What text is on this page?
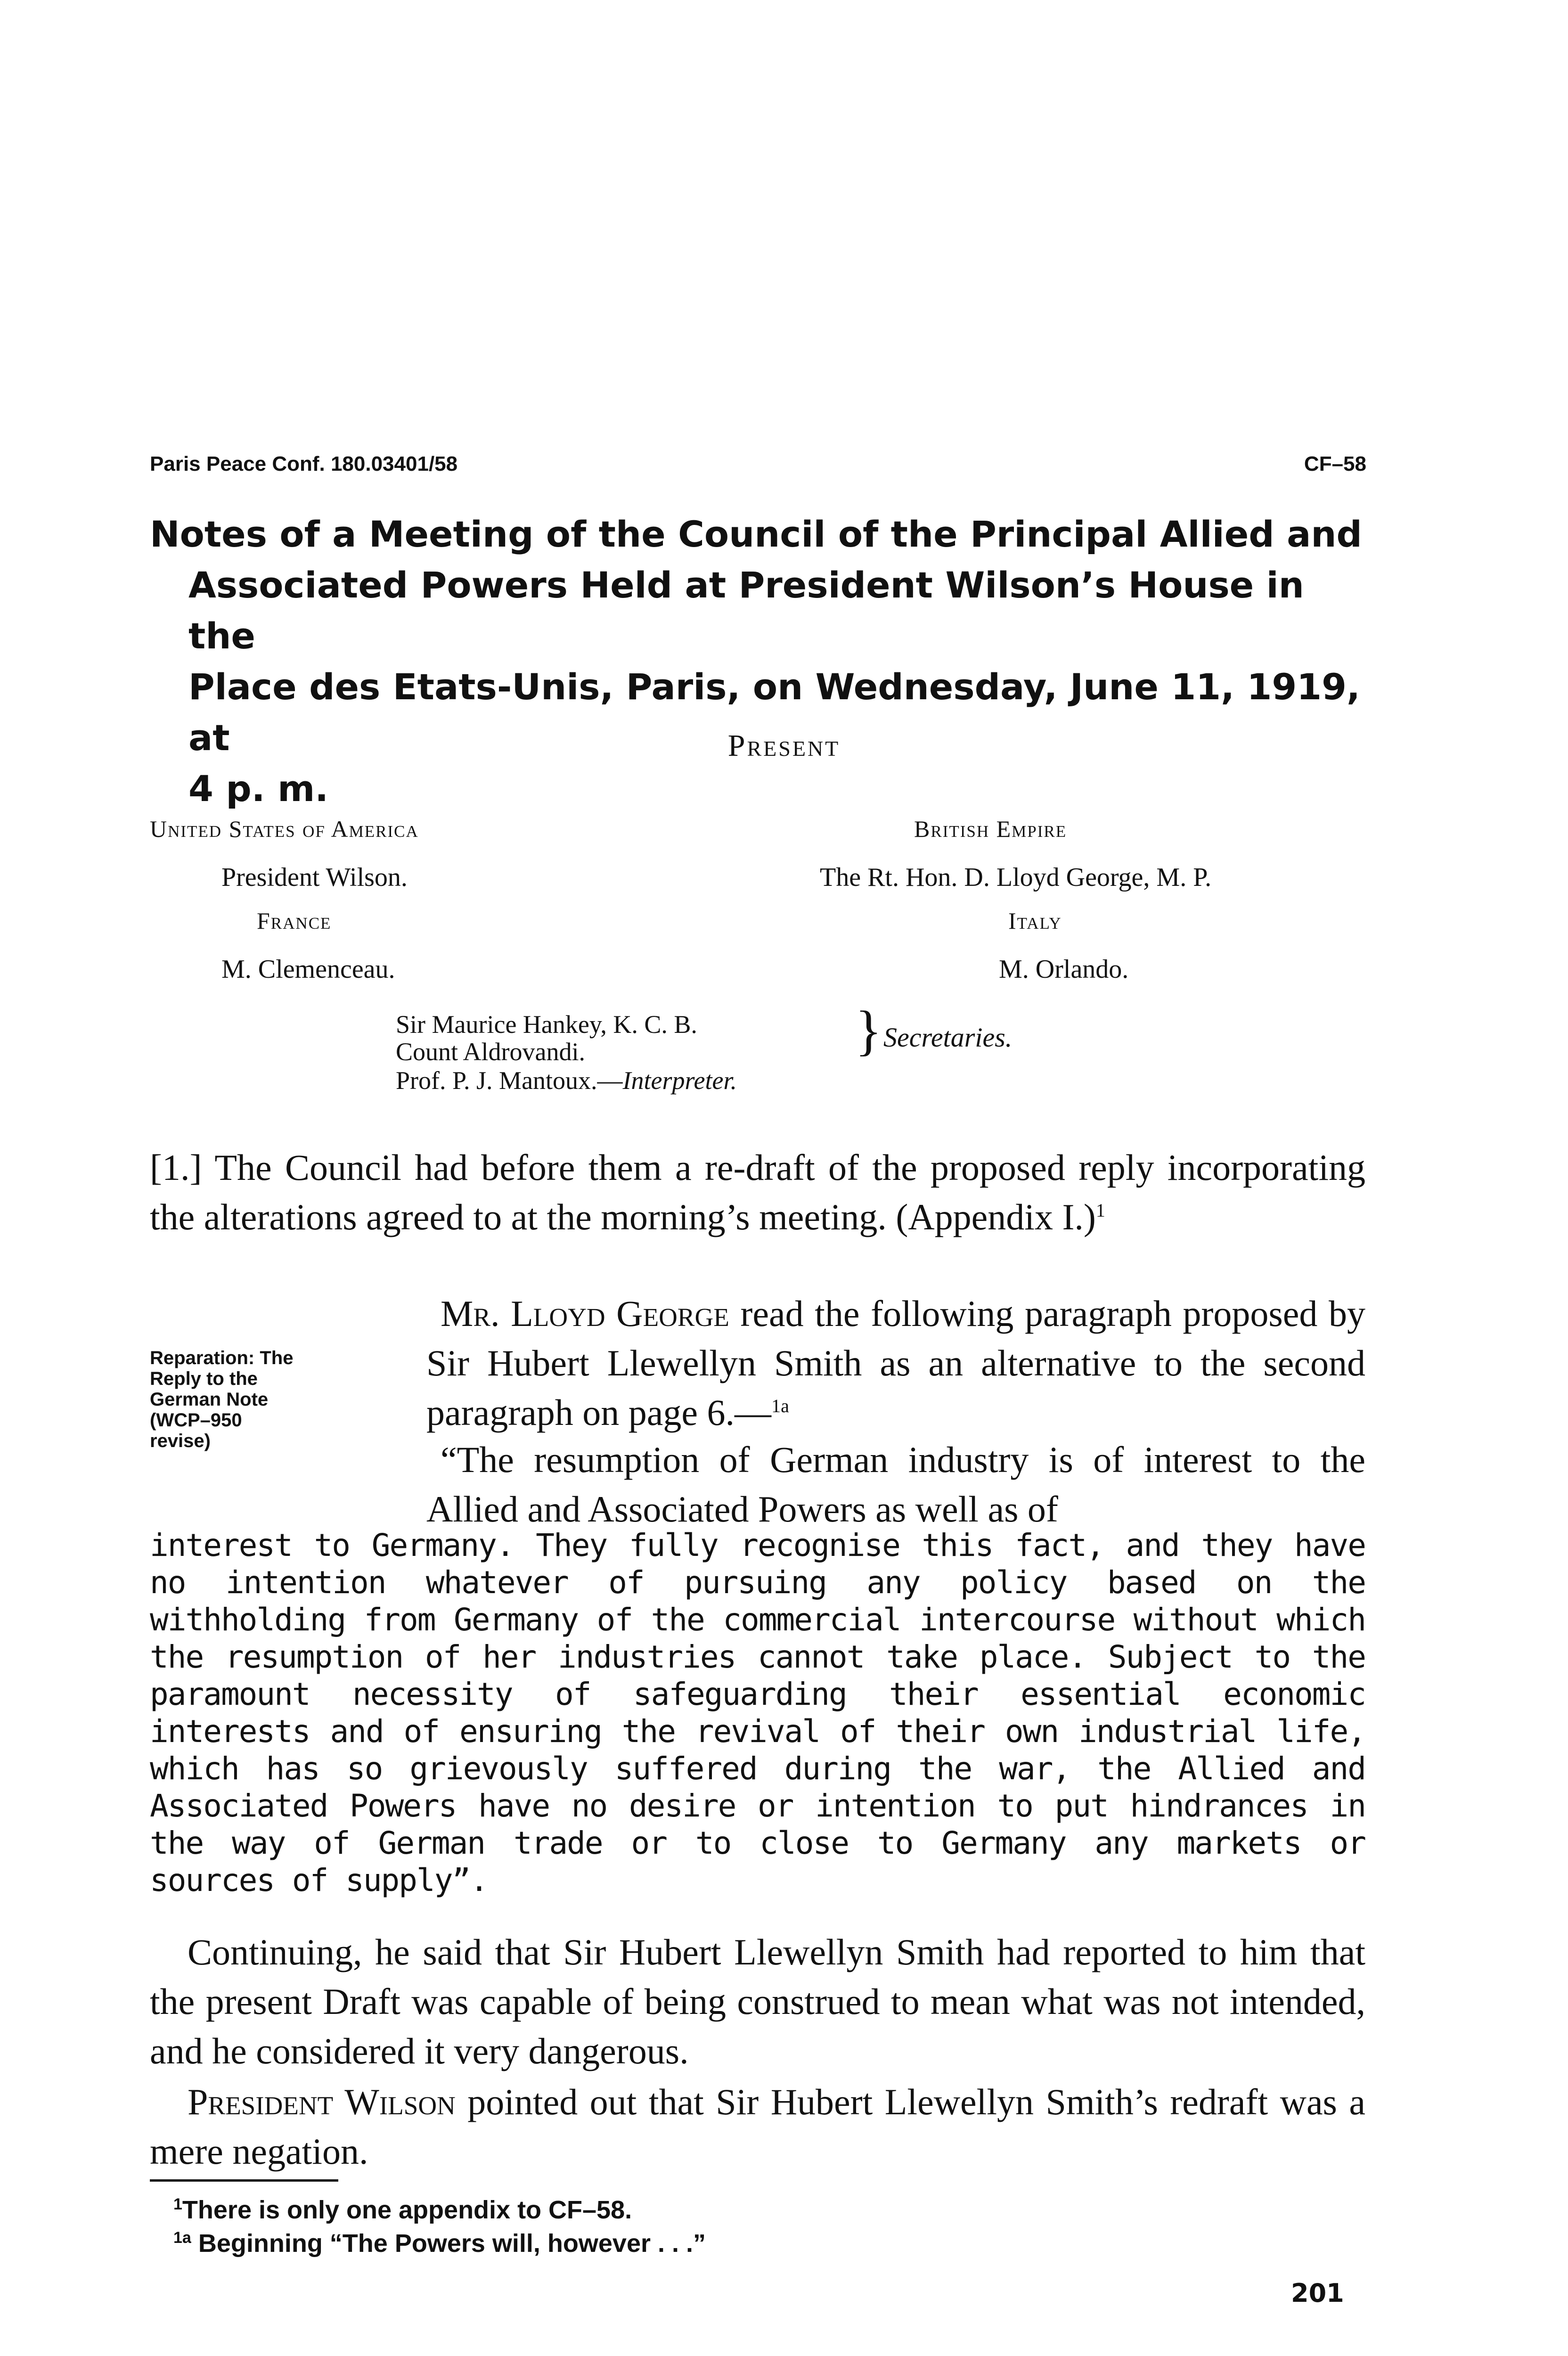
Paris Peace Conf. 180.03401/58	CF–58
Notes of a Meeting of the Council of the Principal Allied and
Associated Powers Held at President Wilson’s House in the
Place des Etats-Unis, Paris, on Wednesday, June 11, 1919, at
4 p. m.
Present
United States of America
President Wilson.
France
M. Clemenceau.
British Empire
The Rt. Hon. D. Lloyd George, M. P.
Italy
M. Orlando.
Sir Maurice Hankey, K. C. B.
Count Aldrovandi.	} Secretaries.
Prof. P. J. Mantoux.—Interpreter.
[1.] The Council had before them a re-draft of the proposed reply incorporating the alterations agreed to at the morning’s meeting. (Appendix I.)$^1$
Reparation: The
Reply to the
German Note
(WCP–950
revise)
Mr. Lloyd George read the following paragraph proposed by Sir Hubert Llewellyn Smith as an alternative to the second paragraph on page 6.—$^{1a}$
“The resumption of German industry is of interest to the Allied and Associated Powers as well as of
interest to Germany. They fully recognise this fact, and they have no intention whatever of pursuing any policy based on the withholding from Germany of the commercial intercourse without which the resumption of her industries cannot take place. Subject to the paramount necessity of safeguarding their essential economic interests and of ensuring the revival of their own industrial life, which has so grievously suffered during the war, the Allied and Associated Powers have no desire or intention to put hindrances in the way of German trade or to close to Germany any markets or sources of supply”.
Continuing, he said that Sir Hubert Llewellyn Smith had reported to him that the present Draft was capable of being construed to mean what was not intended, and he considered it very dangerous.
President Wilson pointed out that Sir Hubert Llewellyn Smith’s redraft was a mere negation.
$^1$There is only one appendix to CF–58.
$^{1a}$ Beginning “The Powers will, however . . .”
201
